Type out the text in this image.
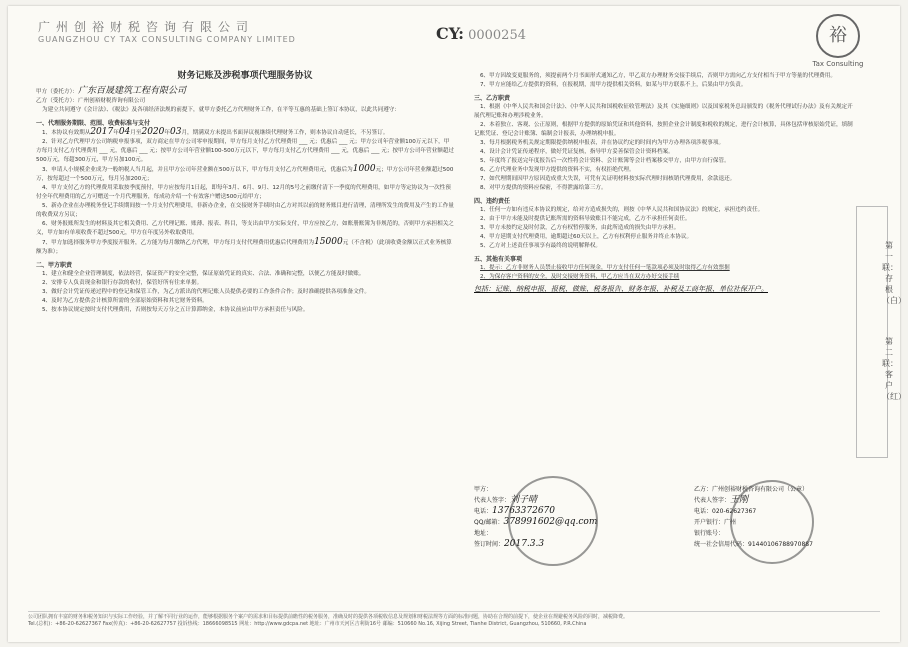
广州创裕财税咨询有限公司
GUANGZHOU CY TAX CONSULTING COMPANY LIMITED	CY: 0000254	裕
Tax Consulting
财务记账及涉税事项代理服务协议
甲方（委托方）：广东百晟建筑工程有限公司
乙方（受托方）：广州创裕财税咨询有限公司
为建立共同遵守《会计法》、《税法》及各项经济法规的前提下，就甲方委托乙方代理财务工作，在平等互惠的基础上签订本协议，以此共同遵守：
一、代理服务期限、范围、收费标准与支付
1、本协议有效期从2017年04月至2020年03月，期满双方未提出书面异议视继续代理财务工作，则本协议自动延长，不另签订。
2、针对乙方代理甲方公司纳税申报事项，双方商定在甲方公司零申报期间，甲方每月支付乙方代理费用 ___ 元；优惠后 ___ 元；甲方公司年营业额100万元以下，甲方每月支付乙方代理费用 ___ 元，优惠后 ___ 元；按甲方公司年营业额100-500万元以下，甲方每月支付乙方代理费用 ___ 元，优惠后 ___ 元；按甲方公司年营业额超过500万元，每超300万元，甲方另加100元。
3、申请人小规模企业成为一般纳税人当月起，并且甲方公司年营业额在500万以下，甲方每月支付乙方代理费用元，优惠后为1000元；甲方公司年营业额超过500万，按每超过一个500万元，每月另加200元；
4、甲方支付乙方的代理费用采取按季度预付，甲方应按每月1日起，即每年3月、6月、9月、12月的5号之前缴付清下一季度的代理费用，如甲方等定协议为一次性预付全年代理费用的乙方可赠送一个月代理服务，每成功介绍一个有效客户赠送500元给甲方；
5、新办企业在办理税务登记手续期间按一个月支付代理费用，非新办企业，在交接财务手续时由乙方对其以前的财务账目进行清理，清理所发生的费用及产生的工作量的收费双方另议；
6、财务报账所发生的材料及其它相关费用、乙方代理记账、账薄、报表、科目，等支出由甲方实际支付，甲方应按乙方，如账册账簿为非规范的，否则甲方承担相关之义，甲方如有单项收费不超过500元，甲方在年度另外收取费用。
7、甲方加选择服务甲方季度报开服务，乙方能为每月缴纳乙方代理，甲方每月支付代理费用优惠后代理费用为15000元（不含税）（此项收费金额以正式业务核算额为准）；
二、甲方职责
1、建立和健全企业管理制度，依法经营，保证资产的安全完整，保证原始凭证的真实、合法、准确和完整，以便乙方能及时做账。
2、安排专人负责现金和银行存款的收付，保管好所有往来单据。
3、做好会计凭证传递过程中的登记和保管工作，为乙方派出的代理记账人员提供必要的工作条件合作；及时准确提供各项准备文件。
4、及时为乙方提供会计核算所需的全部原始资料和其它财务资料。
5、按本协议规定按时支付代理费用，否则按每天万分之五计算滞纳金，本协议前应由甲方承担责任与风险。
6、甲方因故变更服务的，须提前两个月书面形式通知乙方，甲乙双方办理财务交接手续后，否则甲方需向乙方支付相当于甲方等量的代理费用。
7、甲方应能给乙方提供的资料，在报税期，需甲方提供相关资料，如某与甲方联系不上，后果由甲方负责。
三、乙方职责
1、根据《中华人民共和国会计法》、《中华人民共和国税收征收管理法》及其《实施细则》以及国家税务总局颁发的《税务代理试行办法》及有关规定开展代理记账和办理涉税业务。
2、本着独立、客观、公正原则，根据甲方提供的原始凭证和其他资料，按照企业会计制度和税收的规定，进行会计核算，具体包括审核原始凭证，填制记账凭证、登记会计账簿、编制会计报表，办理纳税申报。
3、每月根据税务机关规定期限提供纳税申报表，并在协议约定的时间内为甲方办理各项涉税事项。
4、设计会计凭证传递程序，做好凭证复核，指导甲方妥善保管会计资料档案。
5、年度终了报送完年度报告后一次性将会计资料、会计账簿等会计档案移交甲方，由甲方自行保管。
6、乙方代理业务中发现甲方提供的资料不实，有权拒绝代理。
7、如代理期间因甲方原因造成重大失误，可凭有关证明材料按实际代理时间核销代理费用，余款退还。
8、对甲方提供的资料应保密，不得泄露给第三方。
四、违约责任
1、任何一方如有违反本协议的规定，给对方造成损失的，则按《中华人民共和国协议法》的规定，承担违约责任。
2、由于甲方未能及时提供记账所需的资料导致账目不能完成，乙方不承担任何责任。
3、甲方未按约定及时付款，乙方有权暂停服务，由此所造成的损失由甲方承担。
4、甲方延期支付代理费用，逾期超过60天以上，乙方有权利停止服务并终止本协议。
5、乙方对上述责任事项享有最终的说明解释权。
五、其他有关事项
1、提示：乙方非财务人员禁止接收甲方任何现金，甲方支付任何一笔款项必须及时取得乙方有效票据
2、为保存客户资料的安全，及时交接财务资料，甲乙方应当在双方办好交接手续
包括：记账、纳税申报、报税、做账、税务报告、财务年报、补税及工商年报、单位社保开户。
甲方：
代表人签字：刘子晴
电话：13763372670
QQ/邮箱：378991602@qq.com
地址：
签订时间：2017.3.3
乙方：广州创裕财税咨询有限公司（公章）
代表人签字：王刚
电话：020-62627367
开户银行：广州
银行账号：
统一社会信用代码：91440106788970887
第一联：存根（白）
第二联：客户（红）
公司团队拥有丰富的财务和税务知识与实际工作经验，并了解不同行业的运作，能够根据服务个案户的需求和目标提供前瞻性的税务服务，准确及时的提供各项税收信息及规划和财税法规等方面的标准问题，协助在合规的前提下，使企业在规避税务风险的同时，减税降费。
Tel.(总机)：+86-20-62627367 Fax(传真)：+86-20-62627757 投诉热线：18666098515 网址：http://www.gdcpa.net 地址：广州市天河区吉利街16号 邮编：510660 No.16, Xijing Street, Tianhe District, Guangzhou, 510660, P.R.China
